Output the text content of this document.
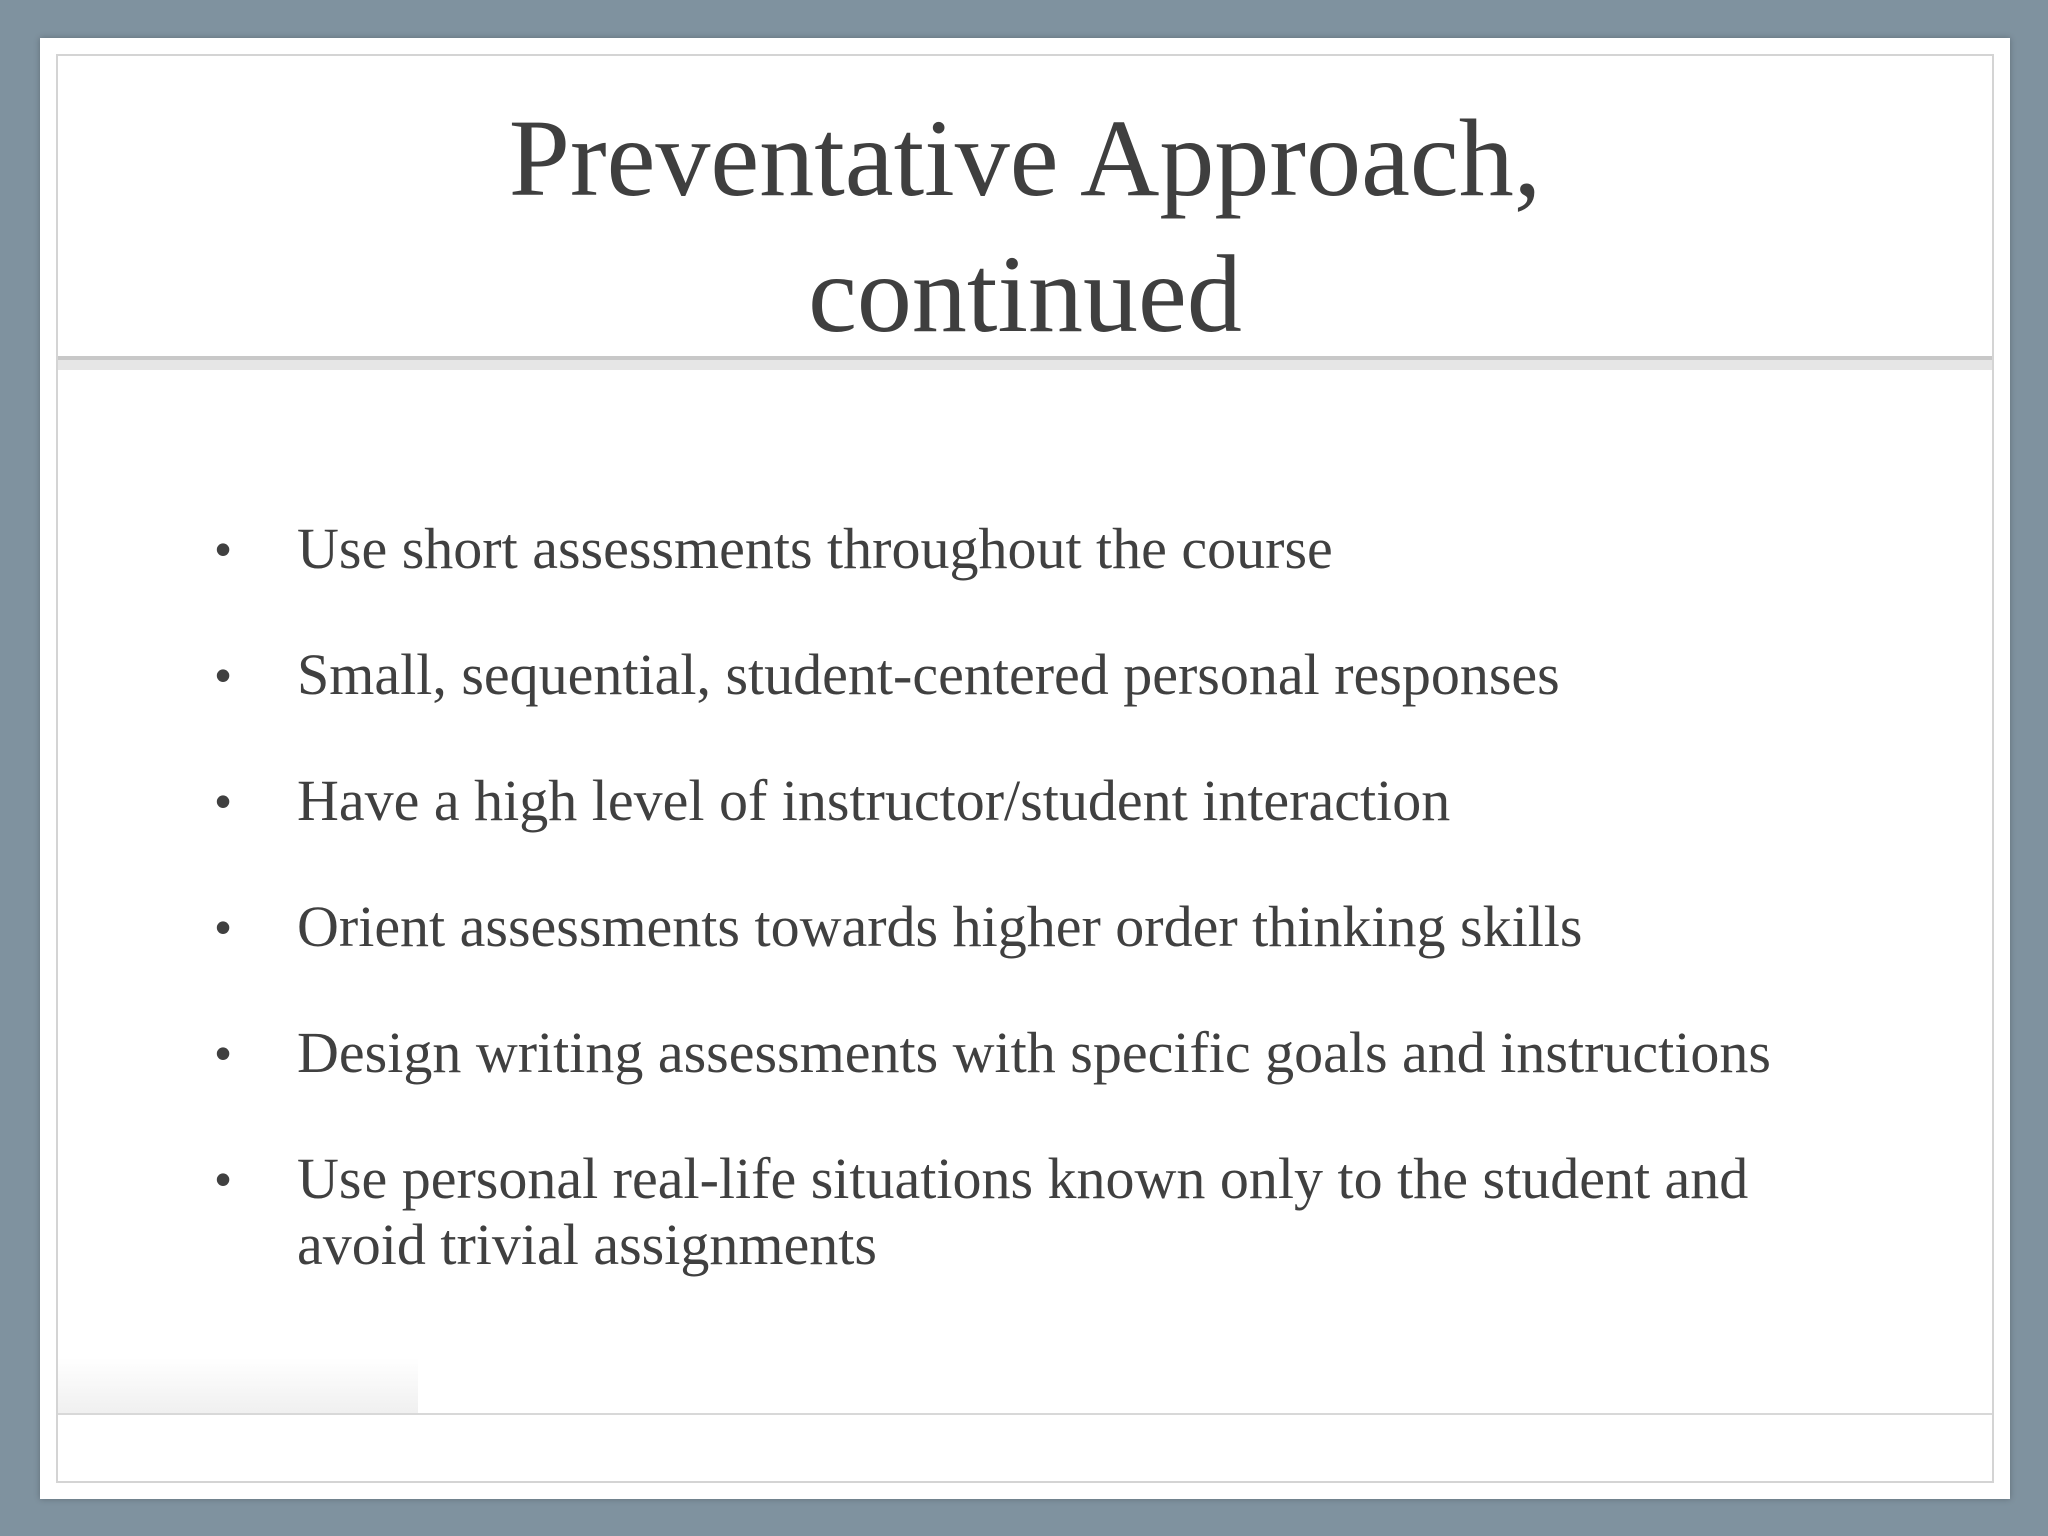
Preventative Approach,
continued
•	Use short assessments throughout the course
•	Small, sequential, student-centered personal responses
•	Have a high level of instructor/student interaction
•	Orient assessments towards higher order thinking skills
•	Design writing assessments with specific goals and instructions
•	Use personal real-life situations known only to the student and avoid trivial assignments
